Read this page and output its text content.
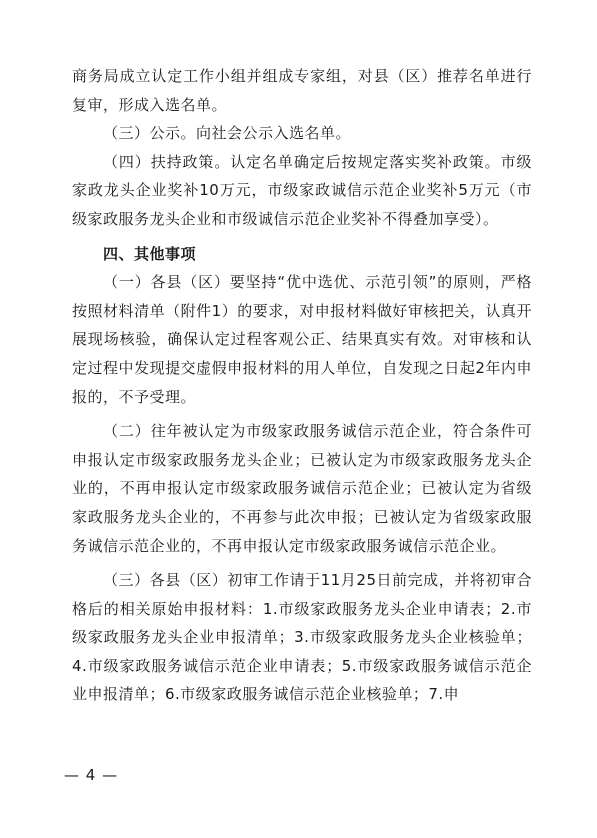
商务局成立认定工作小组并组成专家组，对县（区）推荐名单进行复审，形成入选名单。

（三）公示。向社会公示入选名单。

（四）扶持政策。认定名单确定后按规定落实奖补政策。市级家政龙头企业奖补10万元，市级家政诚信示范企业奖补5万元（市级家政服务龙头企业和市级诚信示范企业奖补不得叠加享受）。

四、其他事项

（一）各县（区）要坚持“优中选优、示范引领”的原则，严格按照材料清单（附件1）的要求，对申报材料做好审核把关，认真开展现场核验，确保认定过程客观公正、结果真实有效。对审核和认定过程中发现提交虚假申报材料的用人单位，自发现之日起2年内申报的，不予受理。

（二）往年被认定为市级家政服务诚信示范企业，符合条件可申报认定市级家政服务龙头企业；已被认定为市级家政服务龙头企业的，不再申报认定市级家政服务诚信示范企业；已被认定为省级家政服务龙头企业的，不再参与此次申报；已被认定为省级家政服务诚信示范企业的，不再申报认定市级家政服务诚信示范企业。

（三）各县（区）初审工作请于11月25日前完成，并将初审合格后的相关原始申报材料：1.市级家政服务龙头企业申请表；2.市级家政服务龙头企业申报清单；3.市级家政服务龙头企业核验单；4.市级家政服务诚信示范企业申请表；5.市级家政服务诚信示范企业申报清单；6.市级家政服务诚信示范企业核验单；7.申

— 4 —
